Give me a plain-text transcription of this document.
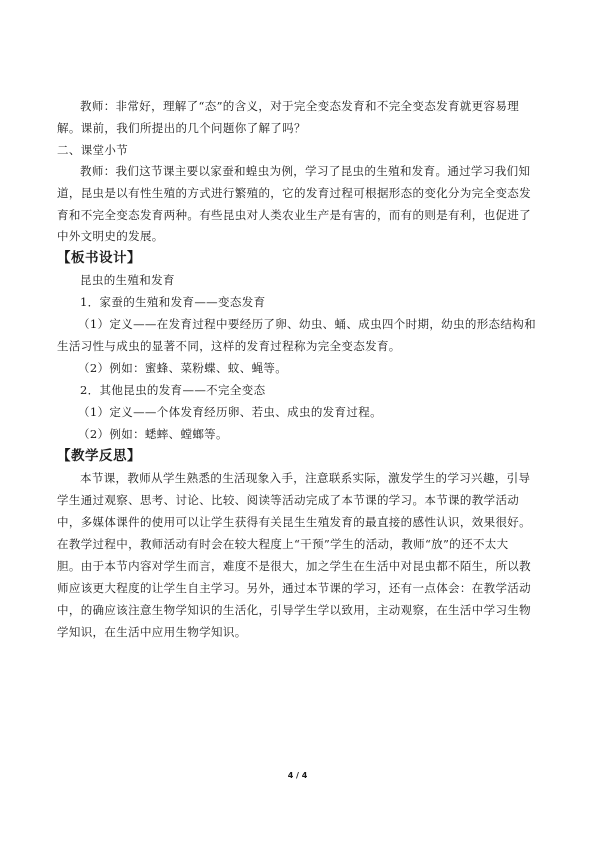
教师：非常好，理解了“态”的含义，对于完全变态发育和不完全变态发育就更容易理
解。课前，我们所提出的几个问题你了解了吗？
二、课堂小节
教师：我们这节课主要以家蚕和蝗虫为例，学习了昆虫的生殖和发育。通过学习我们知
道，昆虫是以有性生殖的方式进行繁殖的，它的发育过程可根据形态的变化分为完全变态发
育和不完全变态发育两种。有些昆虫对人类农业生产是有害的，而有的则是有利，也促进了
中外文明史的发展。
【板书设计】
昆虫的生殖和发育
1．家蚕的生殖和发育——变态发育
（1）定义——在发育过程中要经历了卵、幼虫、蛹、成虫四个时期，幼虫的形态结构和
生活习性与成虫的显著不同，这样的发育过程称为完全变态发育。
（2）例如：蜜蜂、菜粉蝶、蚊、蝇等。
2．其他昆虫的发育——不完全变态
（1）定义——个体发育经历卵、若虫、成虫的发育过程。
（2）例如：蟋蟀、螳螂等。
【教学反思】
本节课，教师从学生熟悉的生活现象入手，注意联系实际，激发学生的学习兴趣，引导
学生通过观察、思考、讨论、比较、阅读等活动完成了本节课的学习。本节课的教学活动
中，多媒体课件的使用可以让学生获得有关昆生生殖发育的最直接的感性认识，效果很好。
在教学过程中，教师活动有时会在较大程度上“干预”学生的活动，教师“放”的还不太大
胆。由于本节内容对学生而言，难度不是很大，加之学生在生活中对昆虫都不陌生，所以教
师应该更大程度的让学生自主学习。另外，通过本节课的学习，还有一点体会：在教学活动
中，的确应该注意生物学知识的生活化，引导学生学以致用，主动观察，在生活中学习生物
学知识，在生活中应用生物学知识。
4 / 4
